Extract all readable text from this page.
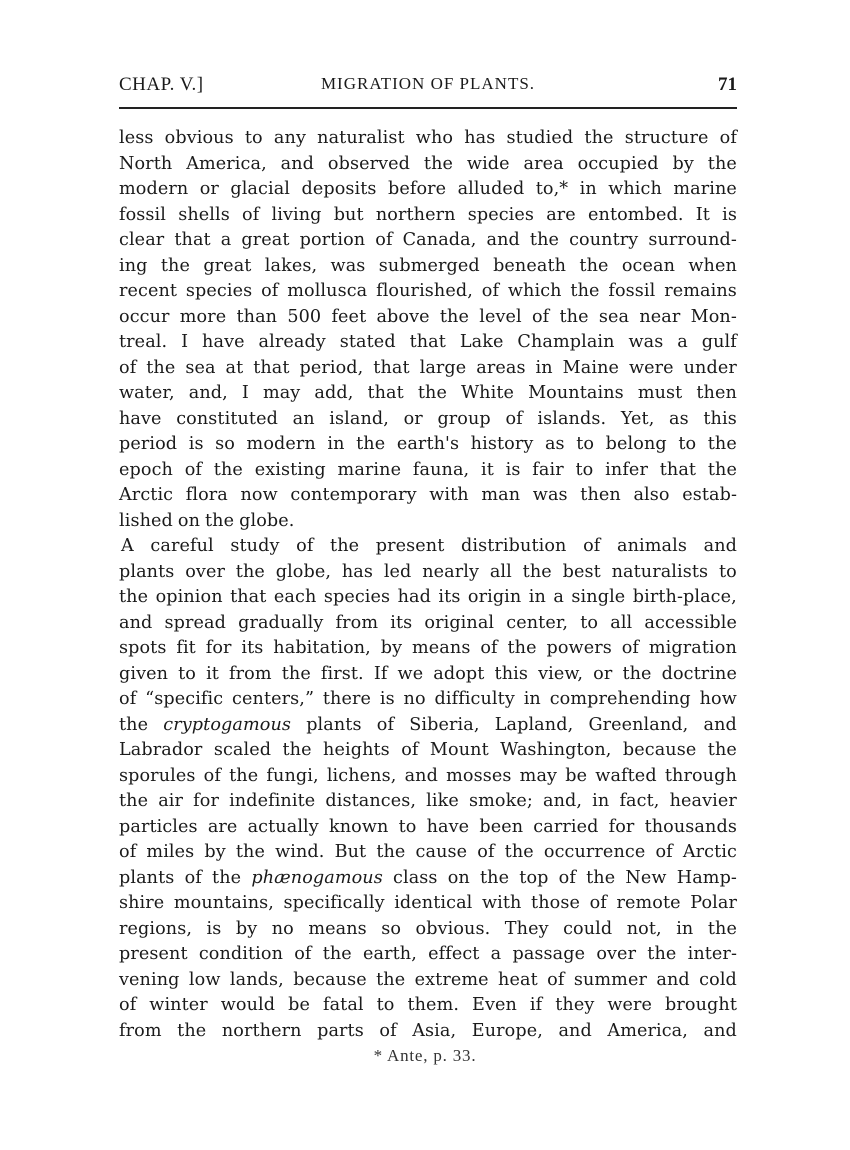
CHAP. V.]	MIGRATION OF PLANTS.	71
less obvious to any naturalist who has studied the structure of
North America, and observed the wide area occupied by the
modern or glacial deposits before alluded to,* in which marine
fossil shells of living but northern species are entombed. It is
clear that a great portion of Canada, and the country surround-
ing the great lakes, was submerged beneath the ocean when
recent species of mollusca flourished, of which the fossil remains
occur more than 500 feet above the level of the sea near Mon-
treal. I have already stated that Lake Champlain was a gulf
of the sea at that period, that large areas in Maine were under
water, and, I may add, that the White Mountains must then
have constituted an island, or group of islands. Yet, as this
period is so modern in the earth's history as to belong to the
epoch of the existing marine fauna, it is fair to infer that the
Arctic flora now contemporary with man was then also estab-
lished on the globe.
A careful study of the present distribution of animals and
plants over the globe, has led nearly all the best naturalists to
the opinion that each species had its origin in a single birth-place,
and spread gradually from its original center, to all accessible
spots fit for its habitation, by means of the powers of migration
given to it from the first. If we adopt this view, or the doctrine
of “specific centers,” there is no difficulty in comprehending how
the cryptogamous plants of Siberia, Lapland, Greenland, and
Labrador scaled the heights of Mount Washington, because the
sporules of the fungi, lichens, and mosses may be wafted through
the air for indefinite distances, like smoke; and, in fact, heavier
particles are actually known to have been carried for thousands
of miles by the wind. But the cause of the occurrence of Arctic
plants of the phænogamous class on the top of the New Hamp-
shire mountains, specifically identical with those of remote Polar
regions, is by no means so obvious. They could not, in the
present condition of the earth, effect a passage over the inter-
vening low lands, because the extreme heat of summer and cold
of winter would be fatal to them. Even if they were brought
from the northern parts of Asia, Europe, and America, and
* Ante, p. 33.
